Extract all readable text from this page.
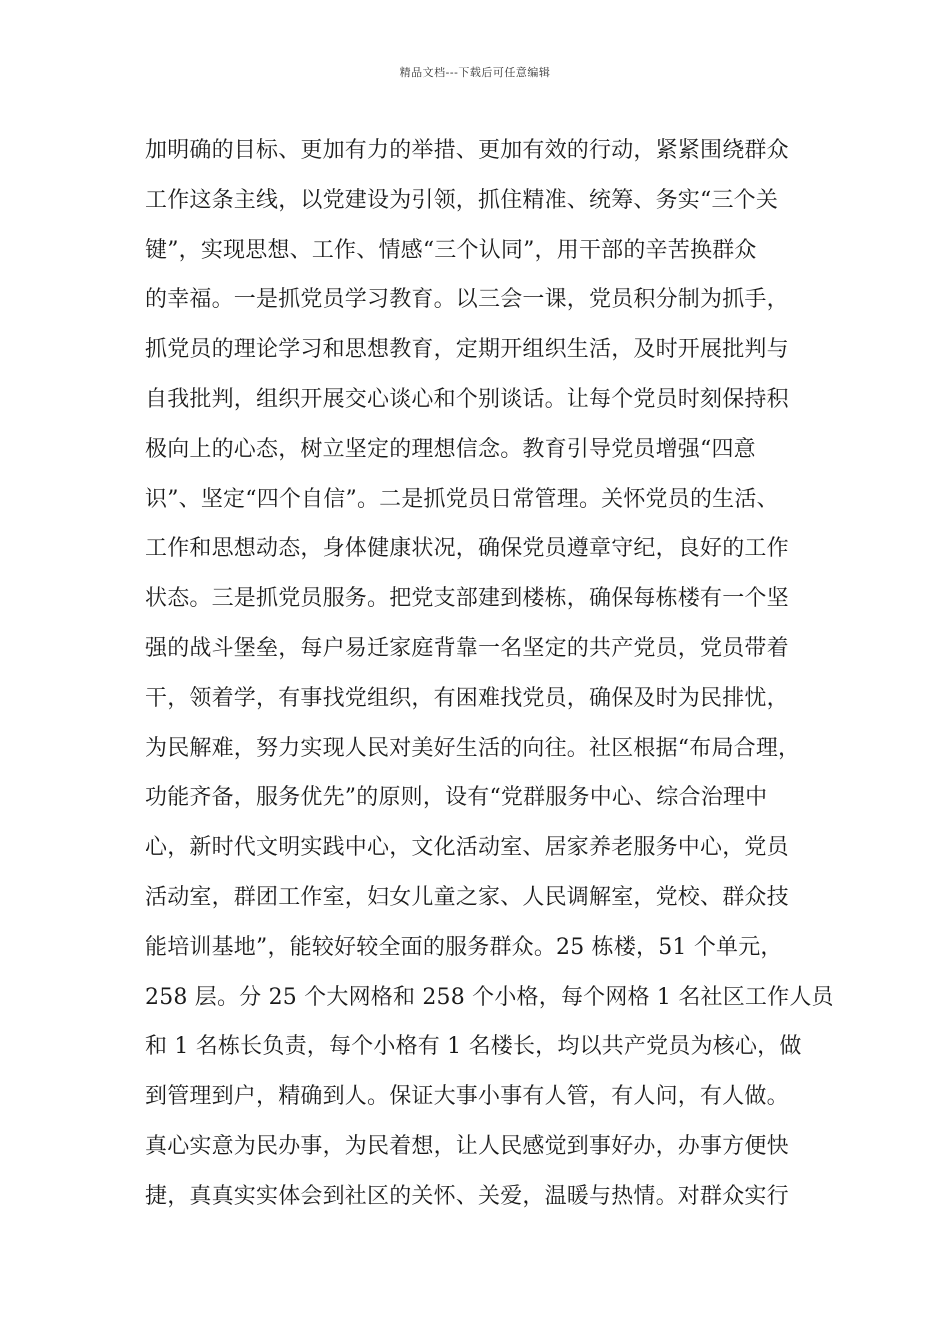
精品文档---下载后可任意编辑
加明确的目标、更加有力的举措、更加有效的行动，紧紧围绕群众
工作这条主线，以党建设为引领，抓住精准、统筹、务实“三个关
键”，实现思想、工作、情感“三个认同”，用干部的辛苦换群众
的幸福。一是抓党员学习教育。以三会一课，党员积分制为抓手，
抓党员的理论学习和思想教育，定期开组织生活，及时开展批判与
自我批判，组织开展交心谈心和个别谈话。让每个党员时刻保持积
极向上的心态，树立坚定的理想信念。教育引导党员增强“四意
识”、坚定“四个自信”。二是抓党员日常管理。关怀党员的生活、
工作和思想动态，身体健康状况，确保党员遵章守纪，良好的工作
状态。三是抓党员服务。把党支部建到楼栋，确保每栋楼有一个坚
强的战斗堡垒，每户易迁家庭背靠一名坚定的共产党员，党员带着
干，领着学，有事找党组织，有困难找党员，确保及时为民排忧，
为民解难，努力实现人民对美好生活的向往。社区根据“布局合理，
功能齐备，服务优先”的原则，设有“党群服务中心、综合治理中
心，新时代文明实践中心，文化活动室、居家养老服务中心，党员
活动室，群团工作室，妇女儿童之家、人民调解室，党校、群众技
能培训基地”，能较好较全面的服务群众。25 栋楼，51 个单元，
258 层。分 25 个大网格和 258 个小格，每个网格 1 名社区工作人员
和 1 名栋长负责，每个小格有 1 名楼长，均以共产党员为核心，做
到管理到户，精确到人。保证大事小事有人管，有人问，有人做。
真心实意为民办事，为民着想，让人民感觉到事好办，办事方便快
捷，真真实实体会到社区的关怀、关爱，温暖与热情。对群众实行
